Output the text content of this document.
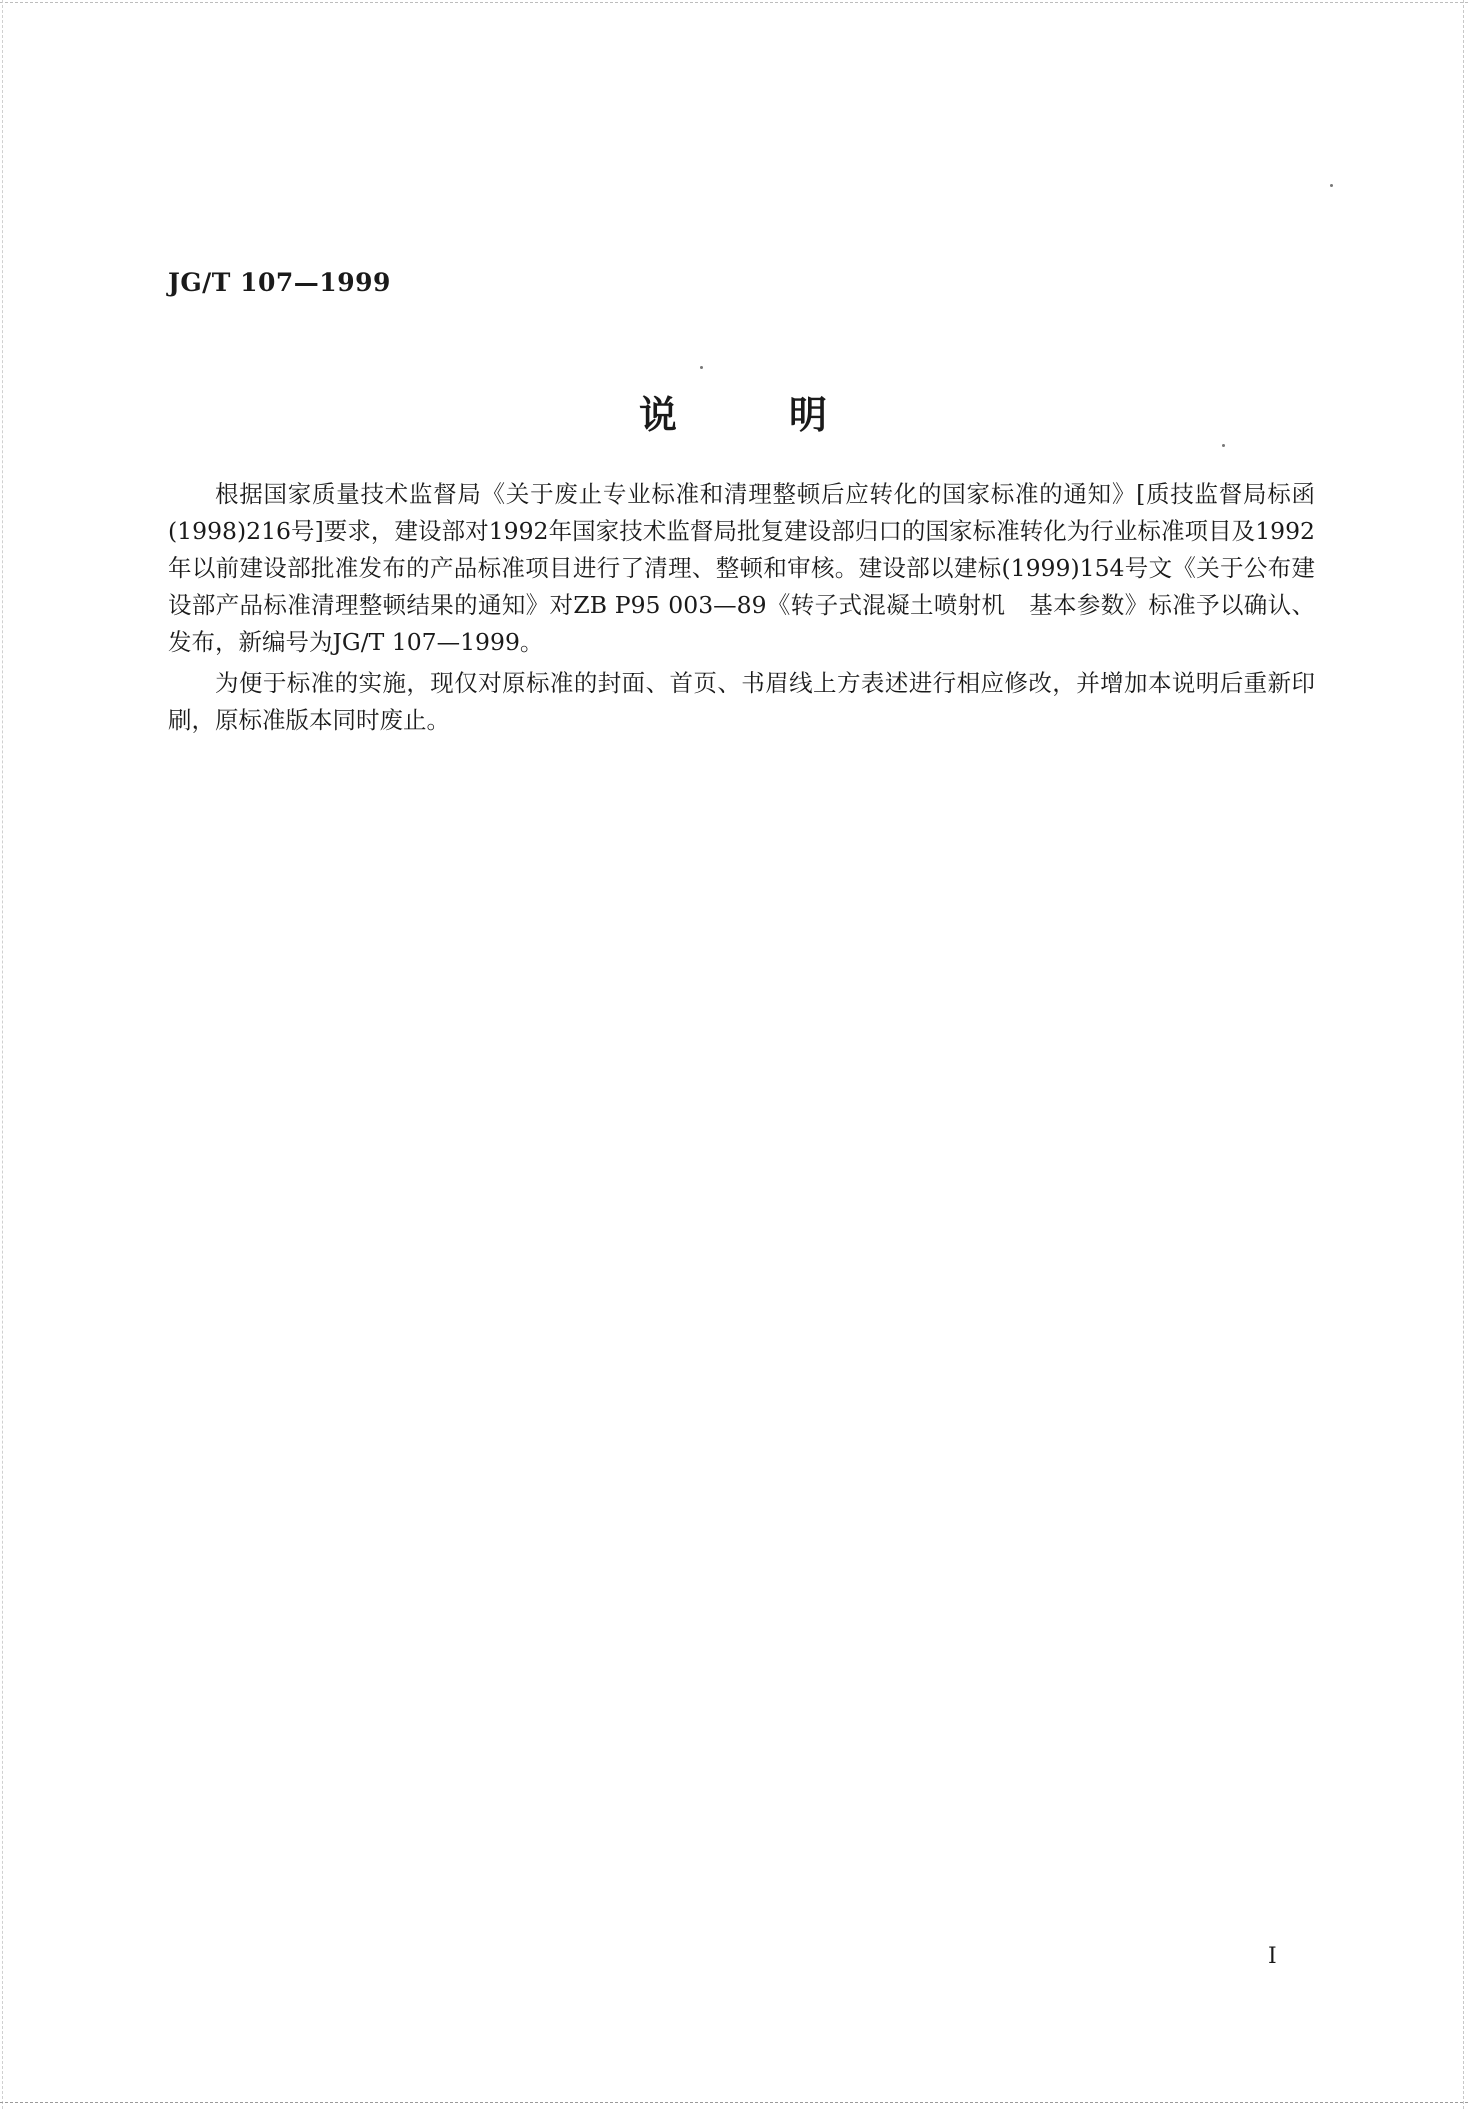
JG/T 107—1999
说	明

根据国家质量技术监督局《关于废止专业标准和清理整顿后应转化的国家标准的通知》[质技监督局标函(1998)216号]要求，建设部对1992年国家技术监督局批复建设部归口的国家标准转化为行业标准项目及1992年以前建设部批准发布的产品标准项目进行了清理、整顿和审核。建设部以建标(1999)154号文《关于公布建设部产品标准清理整顿结果的通知》对ZB P95 003—89《转子式混凝土喷射机　基本参数》标准予以确认、发布，新编号为JG/T 107—1999。

为便于标准的实施，现仅对原标准的封面、首页、书眉线上方表述进行相应修改，并增加本说明后重新印刷，原标准版本同时废止。

I
